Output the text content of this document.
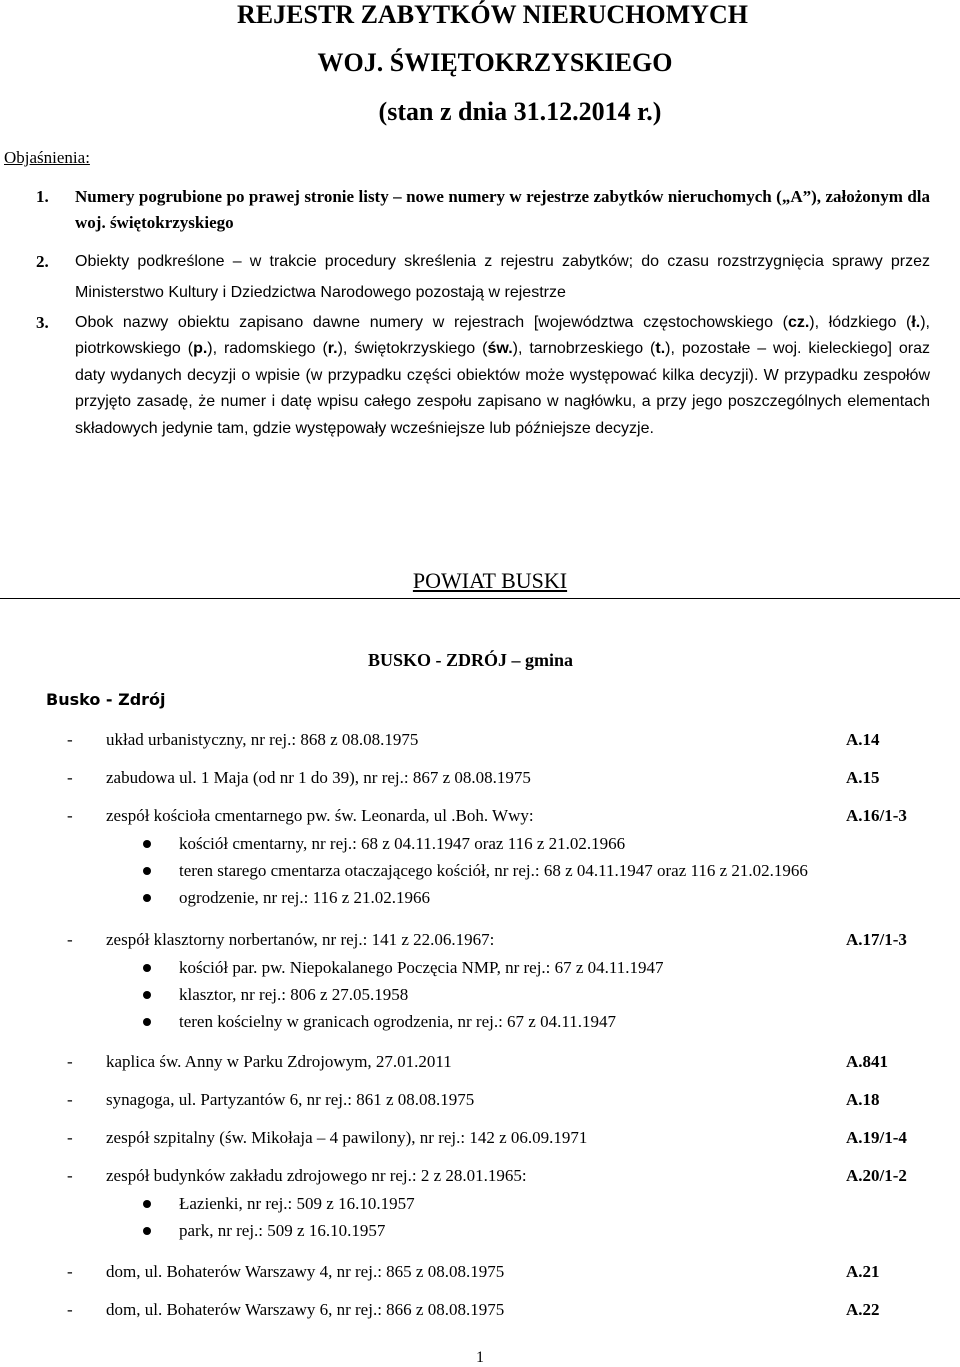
REJESTR ZABYTKÓW NIERUCHOMYCH
WOJ. ŚWIĘTOKRZYSKIEGO
(stan z dnia 31.12.2014 r.)
Objaśnienia:
1. Numery pogrubione po prawej stronie listy – nowe numery w rejestrze zabytków nieruchomych („A”), założonym dla woj. świętokrzyskiego
2. Obiekty podkreślone – w trakcie procedury skreślenia z rejestru zabytków; do czasu rozstrzygnięcia sprawy przez Ministerstwo Kultury i Dziedzictwa Narodowego pozostają w rejestrze
3. Obok nazwy obiektu zapisano dawne numery w rejestrach [województwa częstochowskiego (cz.), łódzkiego (ł.), piotrkowskiego (p.), radomskiego (r.), świętokrzyskiego (św.), tarnobrzeskiego (t.), pozostałe – woj. kieleckiego] oraz daty wydanych decyzji o wpisie (w przypadku części obiektów może występować kilka decyzji). W przypadku zespołów przyjęto zasadę, że numer i datę wpisu całego zespołu zapisano w nagłówku, a przy jego poszczególnych elementach składowych jedynie tam, gdzie występowały wcześniejsze lub późniejsze decyzje.
POWIAT BUSKI
BUSKO - ZDRÓJ – gmina
Busko - Zdrój
- układ urbanistyczny, nr rej.: 868 z 08.08.1975	A.14
- zabudowa ul. 1 Maja (od nr 1 do 39), nr rej.: 867 z 08.08.1975	A.15
- zespół kościoła cmentarnego pw. św. Leonarda, ul .Boh. Wwy:	A.16/1-3
kościół cmentarny, nr rej.: 68 z 04.11.1947 oraz 116 z 21.02.1966
teren starego cmentarza otaczającego kościół, nr rej.: 68 z 04.11.1947 oraz 116 z 21.02.1966
ogrodzenie, nr rej.: 116 z 21.02.1966
- zespół klasztorny norbertanów, nr rej.: 141 z 22.06.1967:	A.17/1-3
kościół par. pw. Niepokalanego Poczęcia NMP, nr rej.: 67 z 04.11.1947
klasztor, nr rej.: 806 z 27.05.1958
teren kościelny w granicach ogrodzenia, nr rej.: 67 z 04.11.1947
- kaplica św. Anny w Parku Zdrojowym, 27.01.2011	A.841
- synagoga, ul. Partyzantów 6, nr rej.: 861 z 08.08.1975	A.18
- zespół szpitalny (św. Mikołaja – 4 pawilony), nr rej.: 142 z 06.09.1971	A.19/1-4
- zespół budynków zakładu zdrojowego nr rej.: 2 z 28.01.1965:	A.20/1-2
Łazienki, nr rej.: 509 z 16.10.1957
park, nr rej.: 509 z 16.10.1957
- dom, ul. Bohaterów Warszawy 4, nr rej.: 865 z 08.08.1975	A.21
- dom, ul. Bohaterów Warszawy 6, nr rej.: 866 z 08.08.1975	A.22
1
